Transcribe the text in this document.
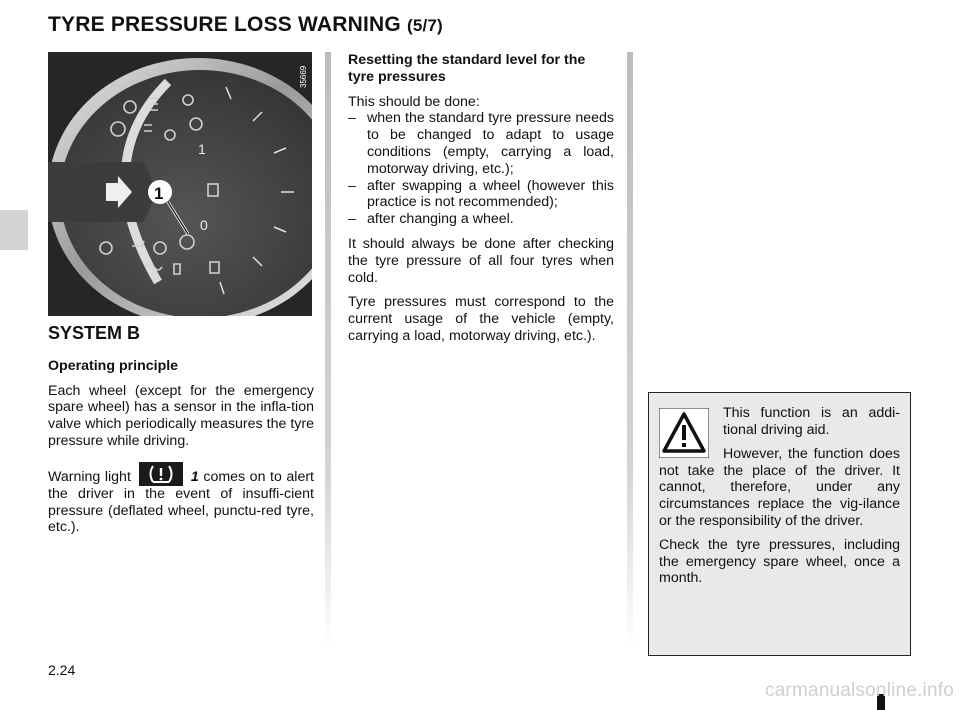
TYRE PRESSURE LOSS WARNING (5/7)
1
0
1
35669
SYSTEM B

Operating principle

Each wheel (except for the emergency spare wheel) has a sensor in the infla-tion valve which periodically measures the tyre pressure while driving.

Warning light	1 comes on to alert the driver in the event of insuffi-cient pressure (deflated wheel, punctu-red tyre, etc.).

Resetting the standard level for the tyre pressures

This should be done:

– when the standard tyre pressure needs to be changed to adapt to usage conditions (empty, carrying a load, motorway driving, etc.);
– after swapping a wheel (however this practice is not recommended);
– after changing a wheel.

It should always be done after checking the tyre pressure of all four tyres when cold.

Tyre pressures must correspond to the current usage of the vehicle (empty, carrying a load, motorway driving, etc.).

This function is an addi-tional driving aid.

However, the function does not take the place of the driver. It cannot, therefore, under any circumstances replace the vig-ilance or the responsibility of the driver.

Check the tyre pressures, including the emergency spare wheel, once a month.

2.24
carmanualsonline.info
